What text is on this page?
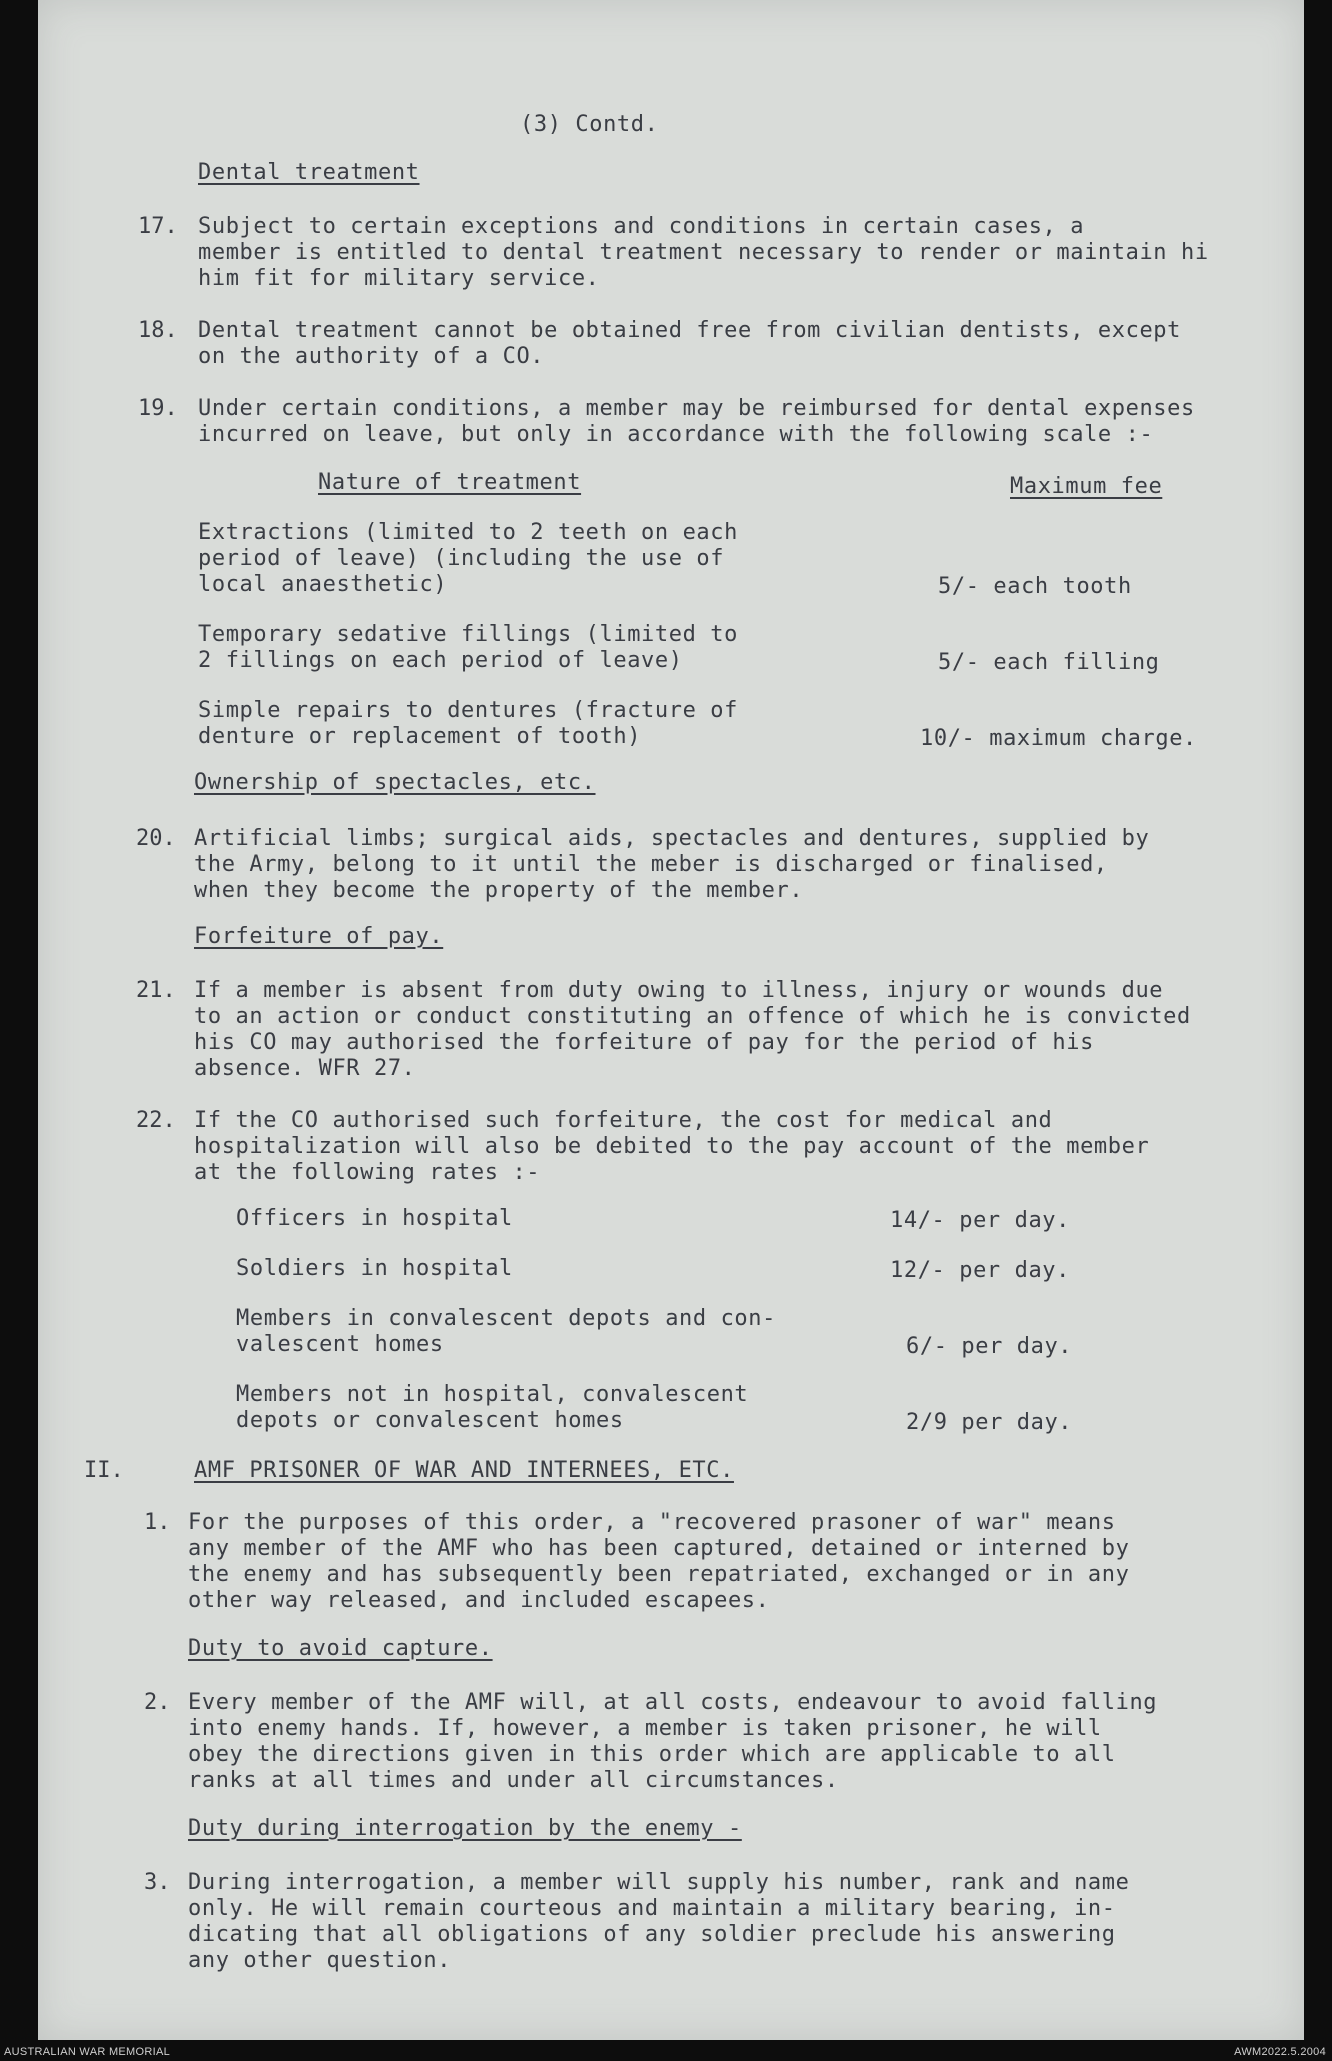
(3) Contd.
Dental treatment
17. Subject to certain exceptions and conditions in certain cases, a
member is entitled to dental treatment necessary to render or maintain hi
him fit for military service.
18. Dental treatment cannot be obtained free from civilian dentists, except
on the authority of a CO.
19. Under certain conditions, a member may be reimbursed for dental expenses
incurred on leave, but only in accordance with the following scale :-
Nature of treatment	Maximum fee
Extractions (limited to 2 teeth on each
period of leave) (including the use of
local anaesthetic)	5/- each tooth
Temporary sedative fillings (limited to
2 fillings on each period of leave)	5/- each filling
Simple repairs to dentures (fracture of
denture or replacement of tooth)	10/- maximum charge.
Ownership of spectacles, etc.
20. Artificial limbs; surgical aids, spectacles and dentures, supplied by
the Army, belong to it until the meber is discharged or finalised,
when they become the property of the member.
Forfeiture of pay.
21. If a member is absent from duty owing to illness, injury or wounds due
to an action or conduct constituting an offence of which he is convicted
his CO may authorised the forfeiture of pay for the period of his
absence. WFR 27.
22. If the CO authorised such forfeiture, the cost for medical and
hospitalization will also be debited to the pay account of the member
at the following rates :-
Officers in hospital	14/- per day.
Soldiers in hospital	12/- per day.
Members in convalescent depots and con-
valescent homes	6/- per day.
Members not in hospital, convalescent
depots or convalescent homes	2/9 per day.
II.	AMF PRISONER OF WAR AND INTERNEES, ETC.
1. For the purposes of this order, a "recovered prasoner of war" means
any member of the AMF who has been captured, detained or interned by
the enemy and has subsequently been repatriated, exchanged or in any
other way released, and included escapees.
Duty to avoid capture.
2. Every member of the AMF will, at all costs, endeavour to avoid falling
into enemy hands. If, however, a member is taken prisoner, he will
obey the directions given in this order which are applicable to all
ranks at all times and under all circumstances.
Duty during interrogation by the enemy -
3. During interrogation, a member will supply his number, rank and name
only. He will remain courteous and maintain a military bearing, in-
dicating that all obligations of any soldier preclude his answering
any other question.
AUSTRALIAN WAR MEMORIAL	AWM2022.5.2004
